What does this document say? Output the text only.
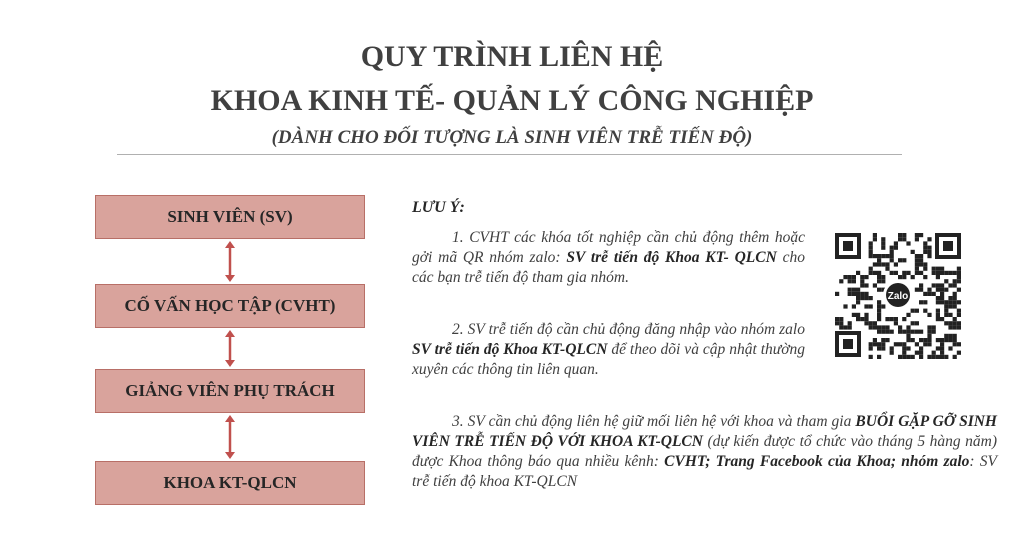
QUY TRÌNH LIÊN HỆ
KHOA KINH TẾ- QUẢN LÝ CÔNG NGHIỆP
(DÀNH CHO ĐỐI TƯỢNG LÀ SINH VIÊN TRỄ TIẾN ĐỘ)
SINH VIÊN (SV)
CỐ VẤN HỌC TẬP (CVHT)
GIẢNG VIÊN PHỤ TRÁCH
KHOA KT-QLCN
LƯU Ý:

1. CVHT các khóa tốt nghiệp cần chủ động thêm hoặc gởi mã QR nhóm zalo: SV trễ tiến độ Khoa KT- QLCN cho các bạn trễ tiến độ tham gia nhóm.

2. SV trễ tiến độ cần chủ động đăng nhập vào nhóm zalo SV trễ tiến độ Khoa KT-QLCN để theo dõi và cập nhật thường xuyên các thông tin liên quan.

3. SV cần chủ động liên hệ giữ mối liên hệ với khoa và tham gia BUỔI GẶP GỠ SINH VIÊN TRỄ TIẾN ĐỘ VỚI KHOA KT-QLCN (dự kiến được tổ chức vào tháng 5 hàng năm) được Khoa thông báo qua nhiều kênh: CVHT; Trang Facebook của Khoa; nhóm zalo: SV trễ tiến độ khoa KT-QLCN

Zalo
